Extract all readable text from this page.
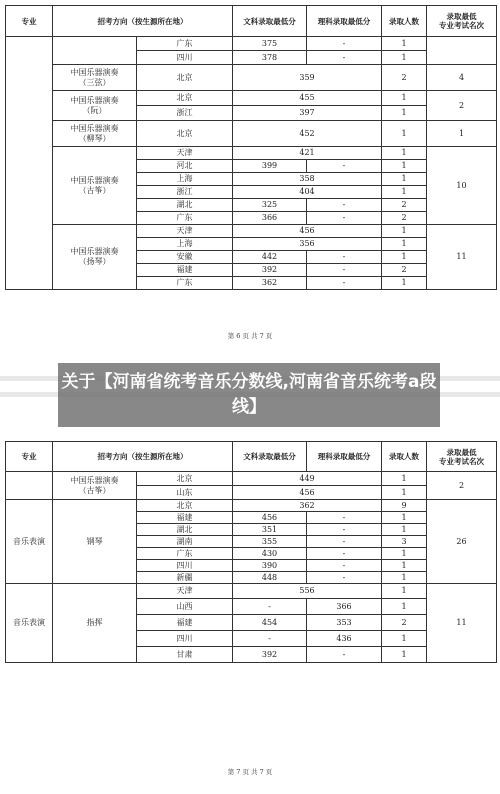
专业	招考方向（按生源所在地）		文科录取最低分	理科录取最低分	录取人数	录取最低
专业考试名次
		广东	375	-	1	
		四川	378	-	1	
	中国乐器演奏
（三弦）	北京	359		2	4
	中国乐器演奏
（阮）	北京	455		1	2
		浙江	397		1	
	中国乐器演奏
（柳琴）	北京	452		1	1
	中国乐器演奏
（古筝）	天津	421		1	10
		河北	399	-	1	
		上海	358		1	
		浙江	404		1	
		湖北	325	-	2	
		广东	366	-	2	
	中国乐器演奏
（扬琴）	天津	456		1	11
		上海	356		1	
		安徽	442	-	1	
		福建	392	-	2	
		广东	362	-	1	
第 6 页 共 7 页
专业	招考方向（按生源所在地）		文科录取最低分	理科录取最低分	录取人数	录取最低
专业考试名次
	中国乐器演奏
（古筝）	北京	449		1	2
		山东	456		1	
音乐表演	钢琴	北京	362		9	26
		福建	456	-	1	
		湖北	351	-	1	
		湖南	355	-	3	
		广东	430	-	1	
		四川	390	-	1	
		新疆	448	-	1	
音乐表演	指挥	天津	556		1	11
		山西	-	366	1	
		福建	454	353	2	
		四川	-	436	1	
		甘肃	392	-	1	
第 7 页 共 7 页
关于【河南省统考音乐分数线,河南省音乐统考a段线】
